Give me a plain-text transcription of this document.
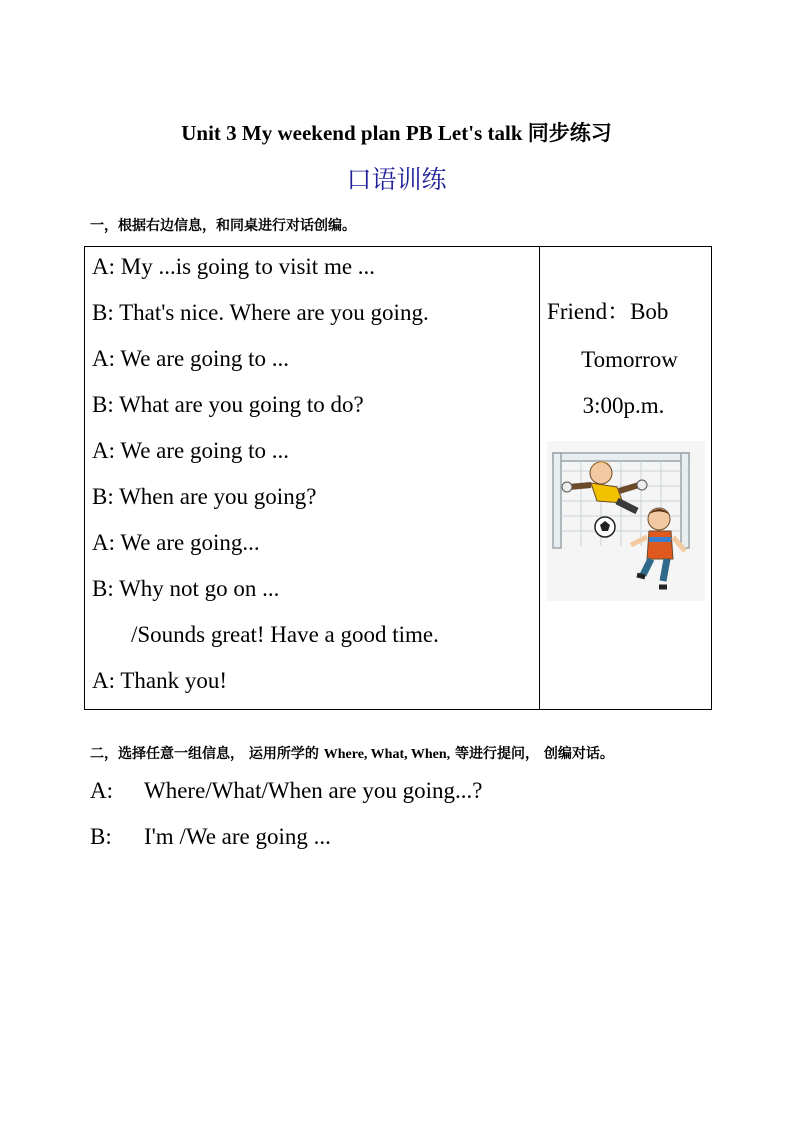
Unit 3 My weekend plan PB Let's talk 同步练习
口语训练
一，根据右边信息，和同桌进行对话创编。
A: My ...is going to visit me ...
B: That's nice. Where are you going.
A: We are going to ...
B: What are you going to do?
A: We are going to ...
B: When are you going?
A: We are going...
B: Why not go on ...
/Sounds great! Have a good time.
A: Thank you!

Friend：Bob
Tomorrow
3:00p.m.
二，选择任意一组信息， 运用所学的 Where, What, When, 等进行提问， 创编对话。
A: Where/What/When are you going...?
B: I'm /We are going ...
